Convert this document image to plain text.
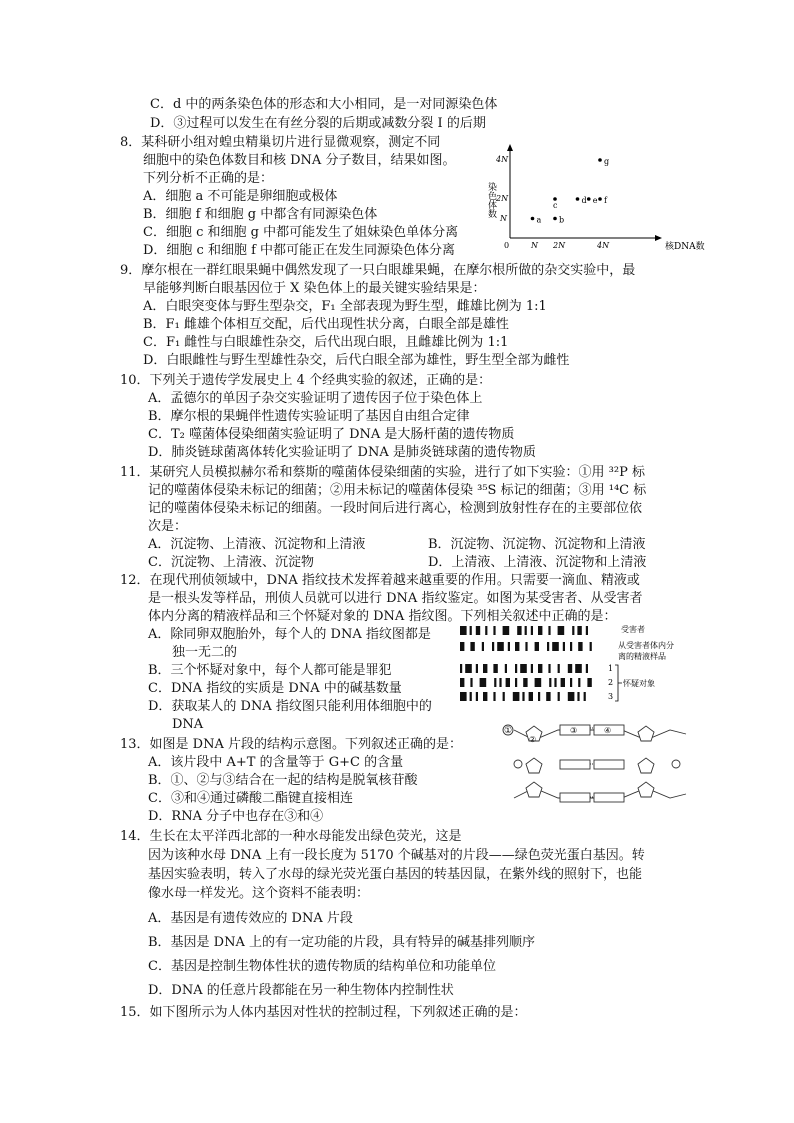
C．d 中的两条染色体的形态和大小相同，是一对同源染色体
D．③过程可以发生在有丝分裂的后期或减数分裂 I 的后期
8．某科研小组对蝗虫精巢切片进行显微观察，测定不同
细胞中的染色体数目和核 DNA 分子数目，结果如图。
下列分析不正确的是：
A．细胞 a 不可能是卵细胞或极体
B．细胞 f 和细胞 g 中都含有同源染色体
C．细胞 c 和细胞 g 中都可能发生了姐妹染色单体分离
D．细胞 c 和细胞 f 中都可能正在发生同源染色体分离
9．摩尔根在一群红眼果蝇中偶然发现了一只白眼雄果蝇，在摩尔根所做的杂交实验中，最
早能够判断白眼基因位于 X 染色体上的最关键实验结果是：
A．白眼突变体与野生型杂交，F₁ 全部表现为野生型，雌雄比例为 1:1
B．F₁ 雌雄个体相互交配，后代出现性状分离，白眼全部是雄性
C．F₁ 雌性与白眼雄性杂交，后代出现白眼，且雌雄比例为 1:1
D．白眼雌性与野生型雄性杂交，后代白眼全部为雄性，野生型全部为雌性
10．下列关于遗传学发展史上 4 个经典实验的叙述，正确的是：
A．孟德尔的单因子杂交实验证明了遗传因子位于染色体上
B．摩尔根的果蝇伴性遗传实验证明了基因自由组合定律
C．T₂ 噬菌体侵染细菌实验证明了 DNA 是大肠杆菌的遗传物质
D．肺炎链球菌离体转化实验证明了 DNA 是肺炎链球菌的遗传物质
11．某研究人员模拟赫尔希和蔡斯的噬菌体侵染细菌的实验，进行了如下实验：①用 ³²P 标
记的噬菌体侵染未标记的细菌；②用未标记的噬菌体侵染 ³⁵S 标记的细菌；③用 ¹⁴C 标
记的噬菌体侵染未标记的细菌。一段时间后进行离心，检测到放射性存在的主要部位依
次是：
A．沉淀物、上清液、沉淀物和上清液	B．沉淀物、沉淀物、沉淀物和上清液
C．沉淀物、上清液、沉淀物	D．上清液、上清液、沉淀物和上清液
12．在现代刑侦领域中，DNA 指纹技术发挥着越来越重要的作用。只需要一滴血、精液或
是一根头发等样品，刑侦人员就可以进行 DNA 指纹鉴定。如图为某受害者、从受害者
体内分离的精液样品和三个怀疑对象的 DNA 指纹图。下列相关叙述中正确的是：
A．除同卵双胞胎外，每个人的 DNA 指纹图都是
独一无二的
B．三个怀疑对象中，每个人都可能是罪犯
C．DNA 指纹的实质是 DNA 中的碱基数量
D．获取某人的 DNA 指纹图只能利用体细胞中的
DNA
13．如图是 DNA 片段的结构示意图。下列叙述正确的是：
A．该片段中 A+T 的含量等于 G+C 的含量
B．①、②与③结合在一起的结构是脱氧核苷酸
C．③和④通过磷酸二酯键直接相连
D．RNA 分子中也存在③和④
14．生长在太平洋西北部的一种水母能发出绿色荧光，这是
因为该种水母 DNA 上有一段长度为 5170 个碱基对的片段——绿色荧光蛋白基因。转
基因实验表明，转入了水母的绿光荧光蛋白基因的转基因鼠，在紫外线的照射下，也能
像水母一样发光。这个资料不能表明：
A．基因是有遗传效应的 DNA 片段
B．基因是 DNA 上的有一定功能的片段，具有特异的碱基排列顺序
C．基因是控制生物体性状的遗传物质的结构单位和功能单位
D．DNA 的任意片段都能在另一种生物体内控制性状
15．如下图所示为人体内基因对性状的控制过程，下列叙述正确的是：
染色体数
核DNA数
4N
2N
N
0	N 2N	4N
a b
c
d e f
g
受害者
从受害者体内分
离的精液样品
1
2
3
怀疑对象
①
②
③	④
